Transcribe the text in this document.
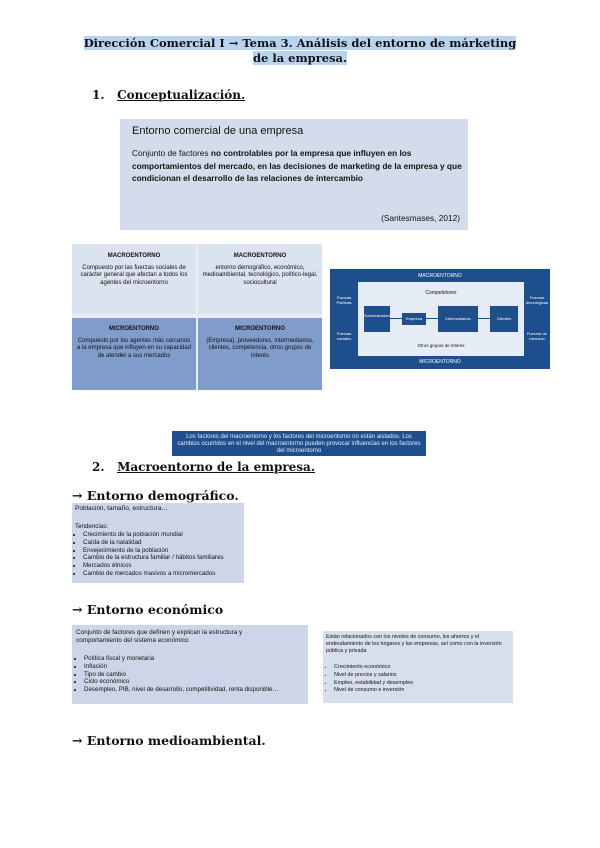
Dirección Comercial I → Tema 3. Análisis del entorno de márketing de la empresa.
1. Conceptualización.
Entorno comercial de una empresa
Conjunto de factores no controlables por la empresa que influyen en los comportamientos del mercado, en las decisiones de marketing de la empresa y que condicionan el desarrollo de las relaciones de intercambio
(Santesmases, 2012)
MACROENTORNO
Compuesto por las fuerzas sociales de carácter general que afectan a todos los agentes del microentorno
MACROENTORNO
entorno demográfico, económico, medioambiental, tecnológico, político-legal, sociocultural
MICROENTORNO
Compuesto por los agentes más cercanos a la empresa que influyen en su capacidad de atender a sus mercados
MICROENTORNO
(Empresa), proveedores, intermediarios, clientes, competencia, otros grupos de interés
MACROENTORNO
Competidores
Suministradores
Empresa	Intermediarios	Clientes
Otros grupos de interés
Fuerzas Políticas
Fuerzas sociales
Fuerzas tecnológicas
Fuerzas de mercado
MICROENTORNO
Los factores del macroentorno y los factores del microentorno no están aislados. Los cambios ocurridos en el nivel del macroentorno pueden provocar influencias en los factores del microentorno
2. Macroentorno de la empresa.
→ Entorno demográfico.
Población, tamaño, estructura…
Tendencias:
• Crecimiento de la población mundial
• Caída de la natalidad
• Envejecimiento de la población
• Cambio de la estructura familiar / hábitos familiares
• Mercados étnicos
• Cambio de mercados masivos a micromercados
→ Entorno económico
Conjunto de factores que definen y explican la estructura y comportamiento del sistema económico
• Política fiscal y monetaria
• Inflación
• Tipo de cambio
• Ciclo económico
• Desempleo, PIB, nivel de desarrollo, competitividad, renta disponible…
Están relacionados con los niveles de consumo, los ahorros y el endeudamiento de los hogares y las empresas, así como con la inversión pública y privada
• Crecimiento económico
• Nivel de precios y salarios
• Empleo, estabilidad y desempleo
• Nivel de consumo e inversión
→ Entorno medioambiental.
